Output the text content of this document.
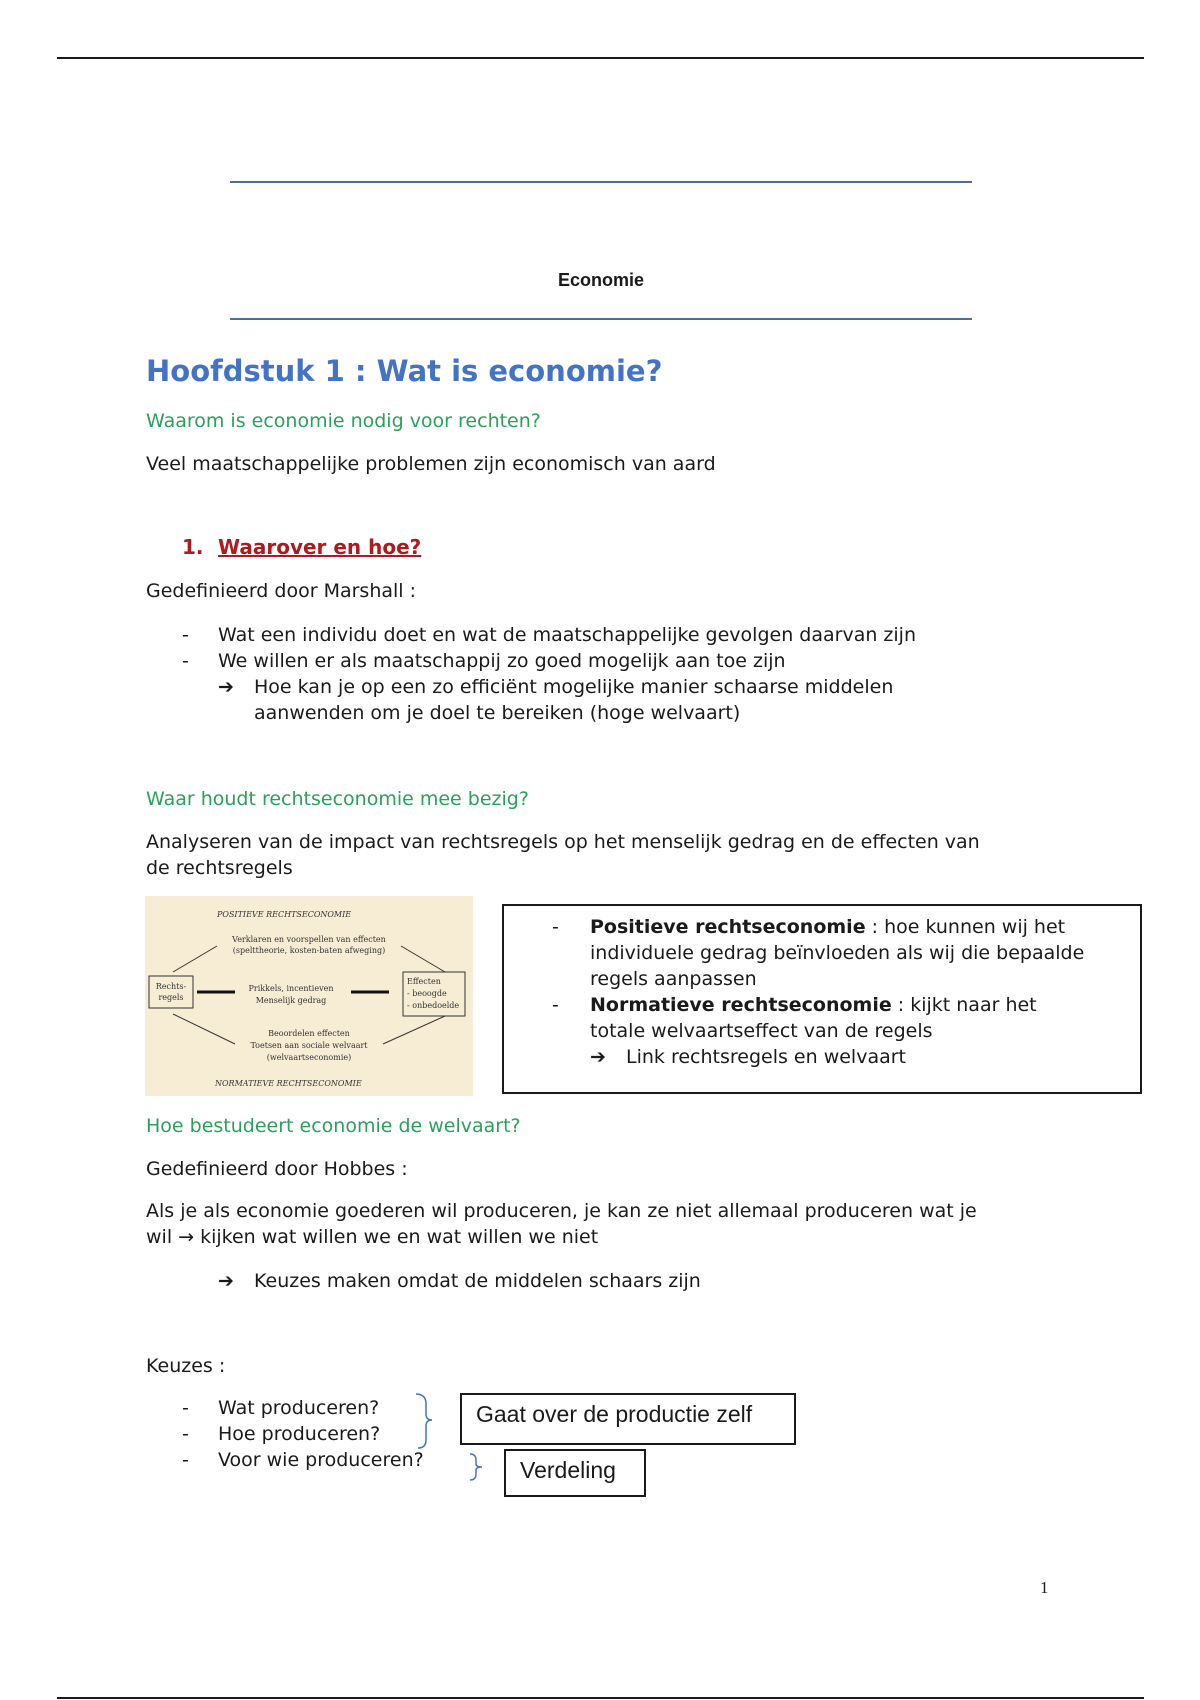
Economie
Hoofdstuk 1 : Wat is economie?
Waarom is economie nodig voor rechten?
Veel maatschappelijke problemen zijn economisch van aard
1. Waarover en hoe?
Gedefinieerd door Marshall :
-	Wat een individu doet en wat de maatschappelijke gevolgen daarvan zijn
-	We willen er als maatschappij zo goed mogelijk aan toe zijn
➔	Hoe kan je op een zo efficiënt mogelijke manier schaarse middelen
aanwenden om je doel te bereiken (hoge welvaart)
Waar houdt rechtseconomie mee bezig?
Analyseren van de impact van rechtsregels op het menselijk gedrag en de effecten van
de rechtsregels
POSITIEVE RECHTSECONOMIE
Verklaren en voorspellen van effecten
(spelttheorie, kosten-baten afweging)
Rechts-
regels
Prikkels, incentieven
Menselijk gedrag
Effecten
- beoogde
- onbedoelde
Beoordelen effecten
Toetsen aan sociale welvaart
(welvaartseconomie)
NORMATIEVE RECHTSECONOMIE
-	Positieve rechtseconomie : hoe kunnen wij het
individuele gedrag beïnvloeden als wij die bepaalde
regels aanpassen
-	Normatieve rechtseconomie : kijkt naar het
totale welvaartseffect van de regels
➔	Link rechtsregels en welvaart
Hoe bestudeert economie de welvaart?
Gedefinieerd door Hobbes :
Als je als economie goederen wil produceren, je kan ze niet allemaal produceren wat je
wil → kijken wat willen we en wat willen we niet
➔	Keuzes maken omdat de middelen schaars zijn
Keuzes :
-	Wat produceren?
-	Hoe produceren?
-	Voor wie produceren?
Gaat over de productie zelf
Verdeling
1
